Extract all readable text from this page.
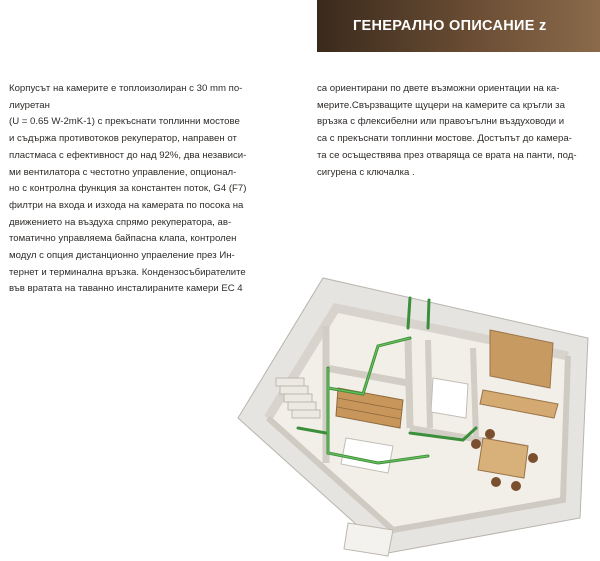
ГЕНЕРАЛНО ОПИСАНИЕ z

Корпусът на камерите е топлоизолиран с 30 mm по-

лиуретан

(U = 0.65 W-2mK-1) с прекъснати топлинни мостове

и съдържа противотоков рекуператор, направен от

пластмаса с ефективност до над 92%, два независи-

ми вентилатора с честотно управление, опционал-

но с контролна функция за константен поток, G4 (F7)

филтри на входа и изхода на камерата по посока на

движението на въздуха спрямо рекуператора, ав-

томатично управляема байпасна клапа, контролен

модул с опция дистанционно упраеление през Ин-

тернет и терминална връзка. Кондензосъбирателите

във вратата на таванно инсталираните камери EC 4

са ориентирани по двете възможни ориентации на ка-

мерите.Свързващите щуцери на камерите са кръгли за

връзка с флексибелни или правоъгълни въздуховоди и

са с прекъснати топлинни мостове. Достъпът до камера-

та се осъществява през отваряща се врата на панти, под-

сигурена с ключалка .
